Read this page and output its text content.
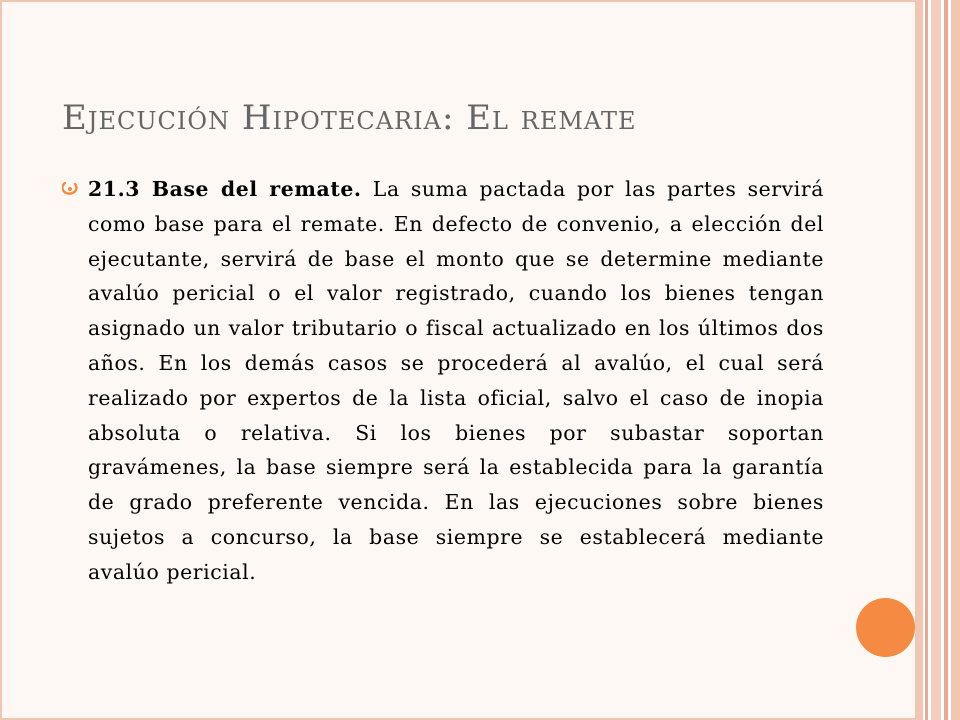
Ejecución Hipotecaria: El remate

21.3 Base del remate. La suma pactada por las partes servirá como base para el remate. En defecto de convenio, a elección del ejecutante, servirá de base el monto que se determine mediante avalúo pericial o el valor registrado, cuando los bienes tengan asignado un valor tributario o fiscal actualizado en los últimos dos años. En los demás casos se procederá al avalúo, el cual será realizado por expertos de la lista oficial, salvo el caso de inopia absoluta o relativa. Si los bienes por subastar soportan gravámenes, la base siempre será la establecida para la garantía de grado preferente vencida. En las ejecuciones sobre bienes sujetos a concurso, la base siempre se establecerá mediante avalúo pericial.
